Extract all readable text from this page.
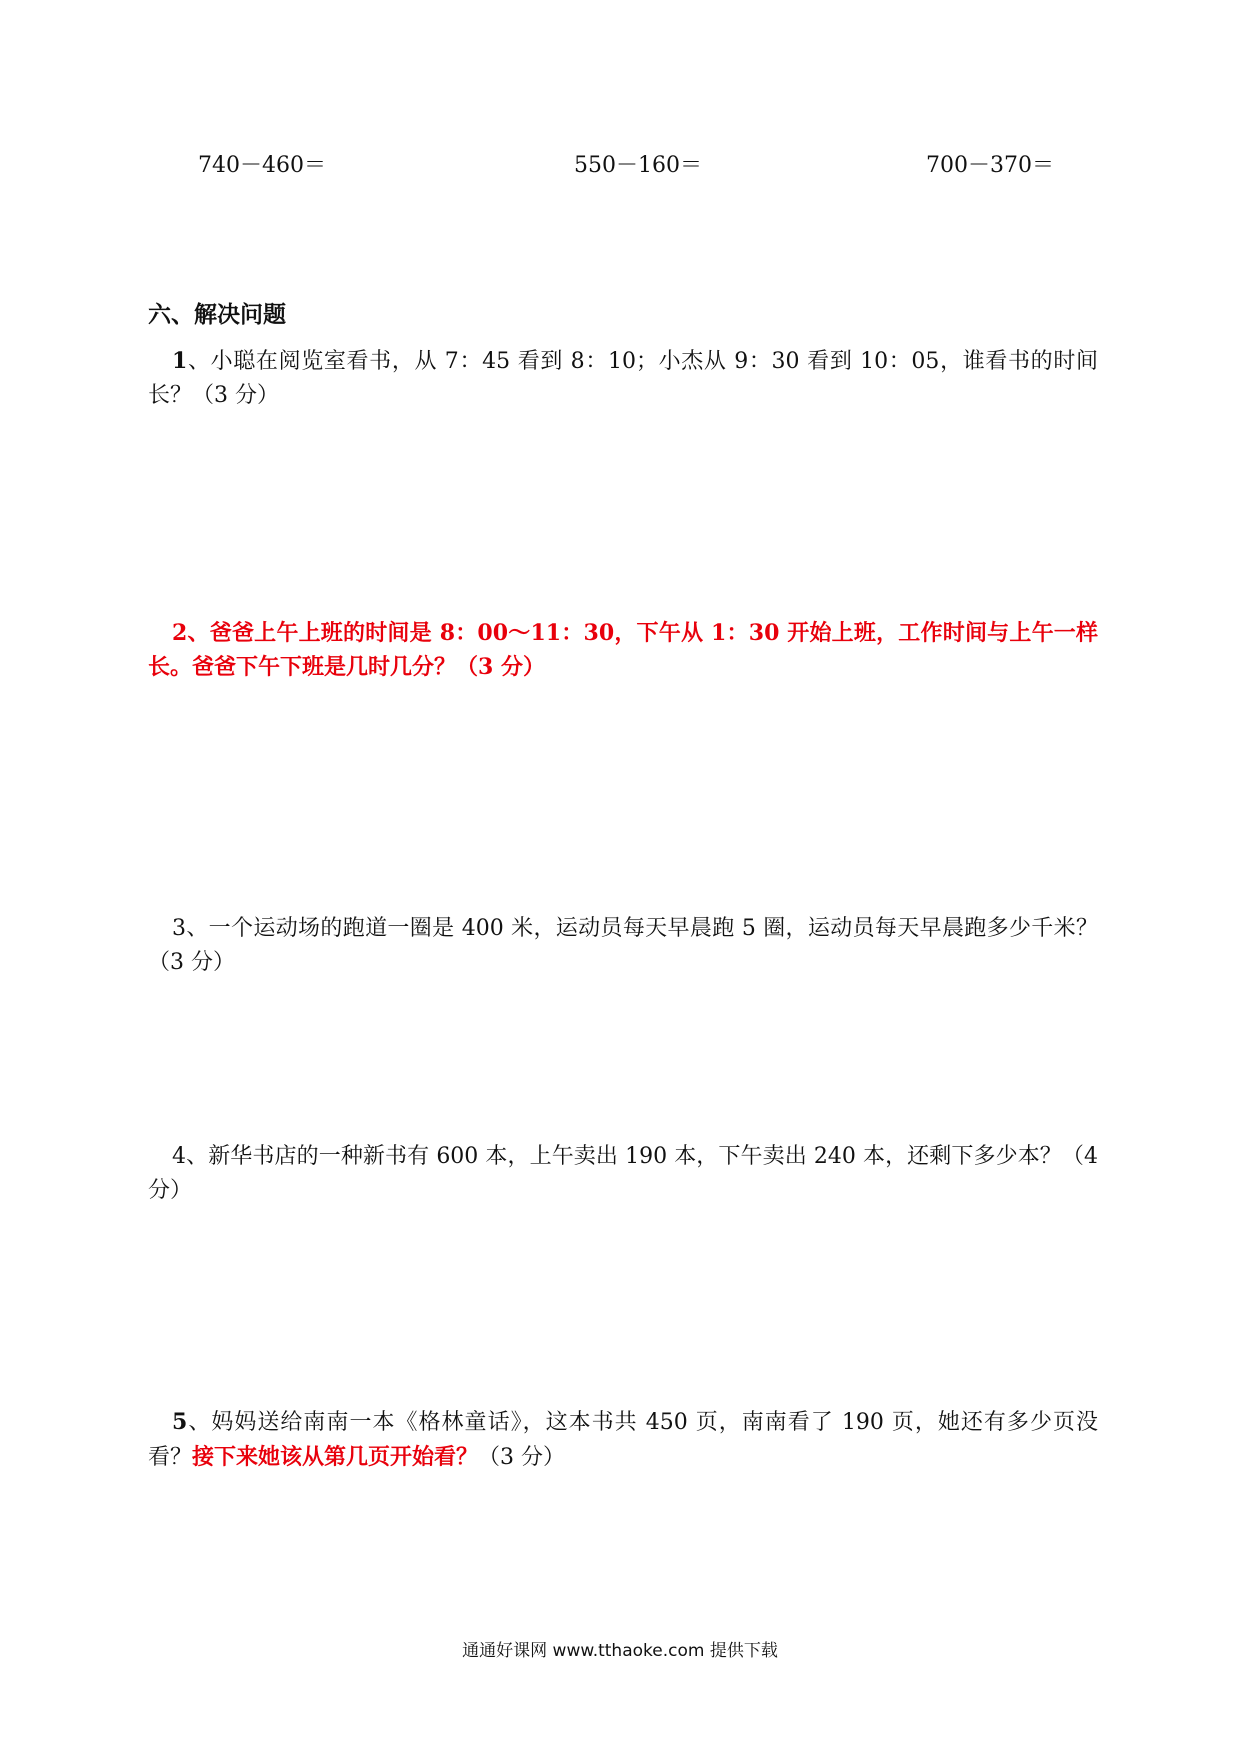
740－460＝	550－160＝	700－370＝
六、解决问题
1、小聪在阅览室看书，从 7：45 看到 8：10；小杰从 9：30 看到 10：05，谁看书的时间长？（3 分）
2、爸爸上午上班的时间是 8：00～11：30，下午从 1：30 开始上班，工作时间与上午一样长。爸爸下午下班是几时几分？（3 分）
3、一个运动场的跑道一圈是 400 米，运动员每天早晨跑 5 圈，运动员每天早晨跑多少千米？（3 分）
4、新华书店的一种新书有 600 本，上午卖出 190 本，下午卖出 240 本，还剩下多少本？（4 分）
5、妈妈送给南南一本《格林童话》，这本书共 450 页，南南看了 190 页，她还有多少页没看？接下来她该从第几页开始看？（3 分）
通通好课网 www.tthaoke.com 提供下载
